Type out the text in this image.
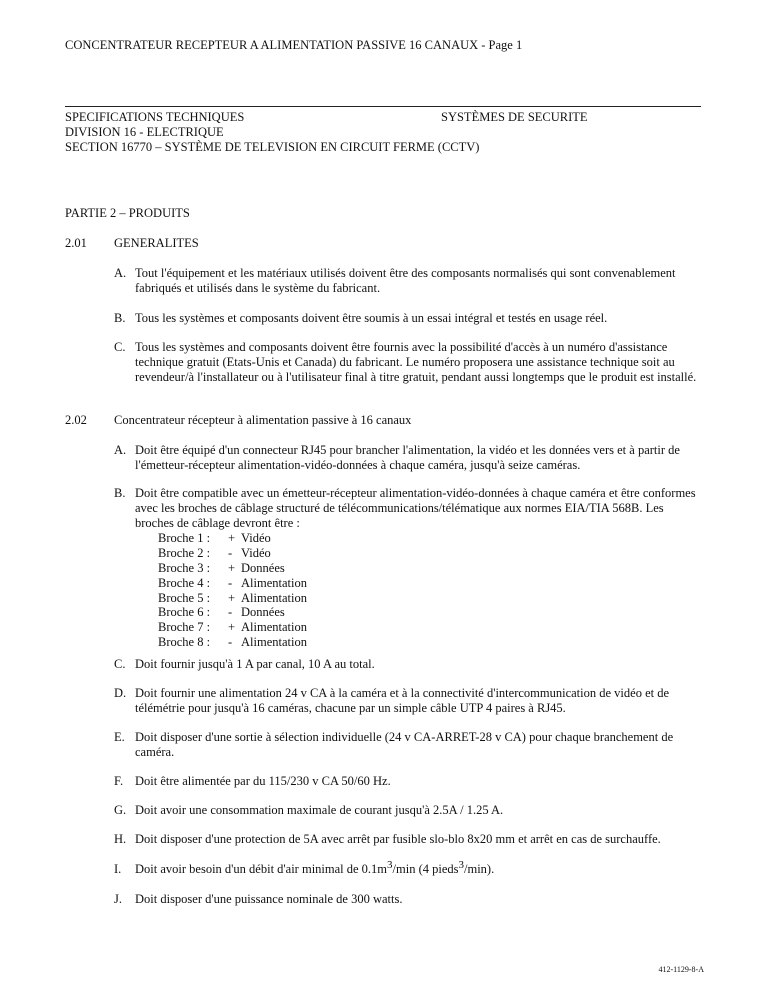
CONCENTRATEUR RECEPTEUR A ALIMENTATION PASSIVE 16 CANAUX - Page 1
SPECIFICATIONS TECHNIQUES	SYSTÈMES DE SECURITE
DIVISION 16 - ELECTRIQUE
SECTION 16770 – SYSTÈME DE TELEVISION EN CIRCUIT FERME (CCTV)
PARTIE 2 – PRODUITS
2.01 GENERALITES
A. Tout l'équipement et les matériaux utilisés doivent être des composants normalisés qui sont convenablement fabriqués et utilisés dans le système du fabricant.
B. Tous les systèmes et composants doivent être soumis à un essai intégral et testés en usage réel.
C. Tous les systèmes and composants doivent être fournis avec la possibilité d'accès à un numéro d'assistance technique gratuit (Etats-Unis et Canada) du fabricant. Le numéro proposera une assistance technique soit au revendeur/à l'installateur ou à l'utilisateur final à titre gratuit, pendant aussi longtemps que le produit est installé.
2.02 Concentrateur récepteur à alimentation passive à 16 canaux
A. Doit être équipé d'un connecteur RJ45 pour brancher l'alimentation, la vidéo et les données vers et à partir de l'émetteur-récepteur alimentation-vidéo-données à chaque caméra, jusqu'à seize caméras.
B. Doit être compatible avec un émetteur-récepteur alimentation-vidéo-données à chaque caméra et être conformes avec les broches de câblage structuré de télécommunications/télématique aux normes EIA/TIA 568B. Les broches de câblage devront être :
Broche 1 : + Vidéo
Broche 2 : - Vidéo
Broche 3 : + Données
Broche 4 : - Alimentation
Broche 5 : + Alimentation
Broche 6 : - Données
Broche 7 : + Alimentation
Broche 8 : - Alimentation
C. Doit fournir jusqu'à 1 A par canal, 10 A au total.
D. Doit fournir une alimentation 24 v CA à la caméra et à la connectivité d'intercommunication de vidéo et de télémétrie pour jusqu'à 16 caméras, chacune par un simple câble UTP 4 paires à RJ45.
E. Doit disposer d'une sortie à sélection individuelle (24 v CA-ARRET-28 v CA) pour chaque branchement de caméra.
F. Doit être alimentée par du 115/230 v CA 50/60 Hz.
G. Doit avoir une consommation maximale de courant jusqu'à 2.5A / 1.25 A.
H. Doit disposer d'une protection de 5A avec arrêt par fusible slo-blo 8x20 mm et arrêt en cas de surchauffe.
I. Doit avoir besoin d'un débit d'air minimal de $0.1m^3/\min$ (4 pieds$^3$/min).
J. Doit disposer d'une puissance nominale de 300 watts.
412-1129-8-A
